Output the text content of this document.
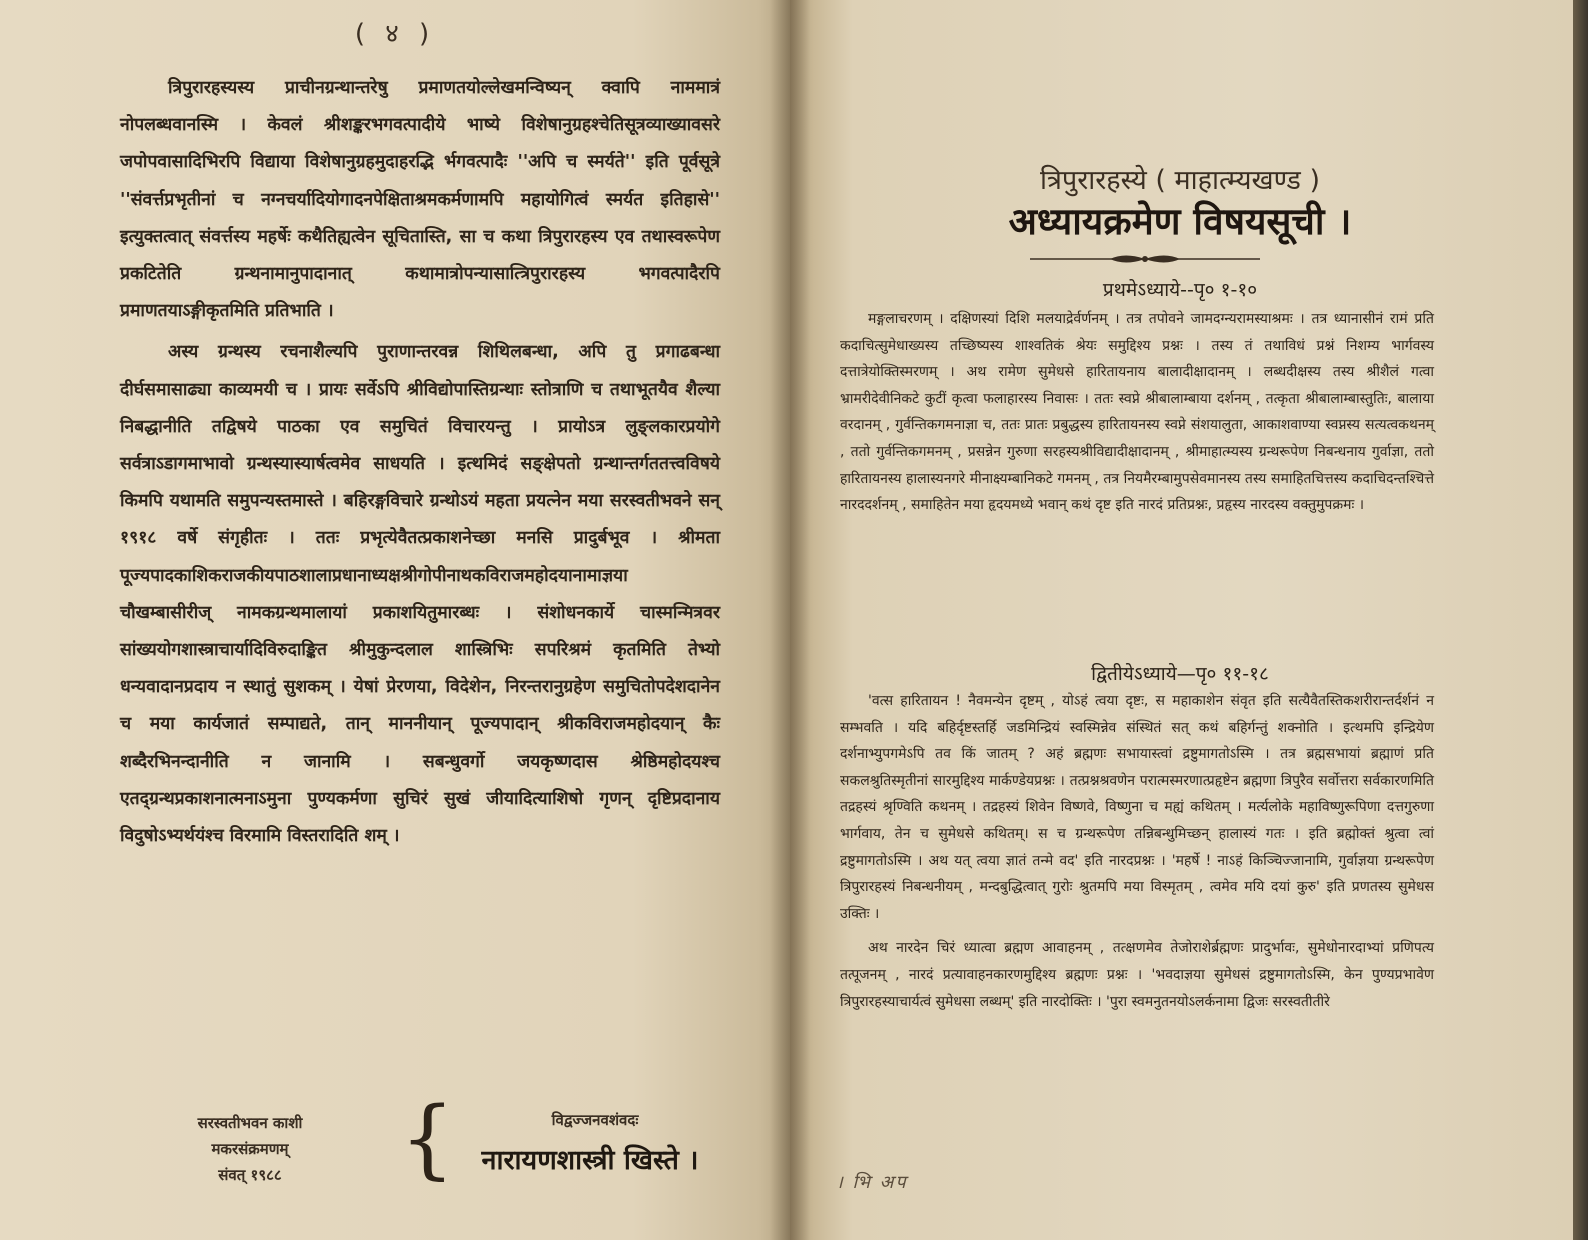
( ४ )

त्रिपुरारहस्यस्य प्राचीनग्रन्थान्तरेषु प्रमाणतयोल्लेखमन्विष्यन् क्वापि नाममात्रं नोपलब्धवानस्मि । केवलं श्रीशङ्करभगवत्पादीये भाष्ये विशेषानुग्रहश्चेतिसूत्रव्याख्यावसरे जपोपवासादिभिरपि विद्याया विशेषानुग्रहमुदाहरद्भि र्भगवत्पादैः ''अपि च स्मर्यते'' इति पूर्वसूत्रे ''संवर्त्तप्रभृतीनां च नग्नचर्यादियोगादनपेक्षिताश्रमकर्मणामपि महायोगित्वं स्मर्यत इतिहासे'' इत्युक्तत्वात् संवर्त्तस्य महर्षेः कथैतिह्यत्वेन सूचितास्ति, सा च कथा त्रिपुरारहस्य एव तथास्वरूपेण प्रकटितेति ग्रन्थनामानुपादानात् कथामात्रोपन्यासात्त्रिपुरारहस्य भगवत्पादैरपि प्रमाणतयाऽङ्गीकृतमिति प्रतिभाति ।

अस्य ग्रन्थस्य रचनाशैल्यपि पुराणान्तरवन्न शिथिलबन्धा, अपि तु प्रगाढबन्धा दीर्घसमासाढ्या काव्यमयी च । प्रायः सर्वेऽपि श्रीविद्योपास्तिग्रन्थाः स्तोत्राणि च तथाभूतयैव शैल्या निबद्धानीति तद्विषये पाठका एव समुचितं विचारयन्तु । प्रायोऽत्र लुङ्लकारप्रयोगे सर्वत्राऽडागमाभावो ग्रन्थस्यास्यार्षत्वमेव साधयति । इत्थमिदं सङ्क्षेपतो ग्रन्थान्तर्गततत्त्वविषये किमपि यथामति समुपन्यस्तमास्ते । बहिरङ्गविचारे ग्रन्थोऽयं महता प्रयत्नेन मया सरस्वतीभवने सन् १९१८ वर्षे संगृहीतः । ततः प्रभृत्येवैतत्प्रकाशनेच्छा मनसि प्रादुर्बभूव । श्रीमता पूज्यपादकाशिकराजकीयपाठशालाप्रधानाध्यक्षश्रीगोपीनाथकविराजमहोदयानामाज्ञया चौखम्बासीरीज् नामकग्रन्थमालायां प्रकाशयितुमारब्धः । संशोधनकार्ये चास्मन्मित्रवर सांख्ययोगशास्त्राचार्यादिविरुदाङ्कित श्रीमुकुन्दलाल शास्त्रिभिः सपरिश्रमं कृतमिति तेभ्यो धन्यवादानप्रदाय न स्थातुं सुशकम् । येषां प्रेरणया, विदेशेन, निरन्तरानुग्रहेण समुचितोपदेशदानेन च मया कार्यजातं सम्पाद्यते, तान् माननीयान् पूज्यपादान् श्रीकविराजमहोदयान् कैः शब्दैरभिनन्दानीति न जानामि । सबन्धुवर्गो जयकृष्णदास श्रेष्ठिमहोदयश्च एतद्ग्रन्थप्रकाशनात्मनाऽमुना पुण्यकर्मणा सुचिरं सुखं जीयादित्याशिषो गृणन् दृष्टिप्रदानाय विदुषोऽभ्यर्थयंश्च विरमामि विस्तरादिति शम् ।

सरस्वतीभवन काशी
मकरसंक्रमणम्
संवत् १९८८	{	विद्वज्जनवशंवदः
नारायणशास्त्री खिस्ते ।
त्रिपुरारहस्ये ( माहात्म्यखण्ड )
अध्यायक्रमेण विषयसूची ।
प्रथमेऽध्याये--पृ० १-१०

मङ्गलाचरणम् । दक्षिणस्यां दिशि मलयाद्रेर्वर्णनम् । तत्र तपोवने जामदग्न्यरामस्याश्रमः । तत्र ध्यानासीनं रामं प्रति कदाचित्सुमेधाख्यस्य तच्छिष्यस्य शाश्वतिकं श्रेयः समुद्दिश्य प्रश्नः । तस्य तं तथाविधं प्रश्नं निशम्य भार्गवस्य दत्तात्रेयोक्तिस्मरणम् । अथ रामेण सुमेधसे हारितायनाय बालादीक्षादानम् । लब्धदीक्षस्य तस्य श्रीशैलं गत्वा भ्रामरीदेवीनिकटे कुटीं कृत्वा फलाहारस्य निवासः । ततः स्वप्ने श्रीबालाम्बाया दर्शनम् , तत्कृता श्रीबालाम्बास्तुतिः, बालाया वरदानम् , गुर्वन्तिकगमनाज्ञा च, ततः प्रातः प्रबुद्धस्य हारितायनस्य स्वप्ने संशयालुता, आकाशवाण्या स्वप्नस्य सत्यत्वकथनम् , ततो गुर्वन्तिकगमनम् , प्रसन्नेन गुरुणा सरहस्यश्रीविद्यादीक्षादानम् , श्रीमाहात्म्यस्य ग्रन्थरूपेण निबन्धनाय गुर्वाज्ञा, ततो हारितायनस्य हालास्यनगरे मीनाक्ष्यम्बानिकटे गमनम् , तत्र नियमैरम्बामुपसेवमानस्य तस्य समाहितचित्तस्य कदाचिदन्तश्चित्ते नारददर्शनम् , समाहितेन मया हृदयमध्ये भवान् कथं दृष्ट इति नारदं प्रतिप्रश्नः, प्रहृस्य नारदस्य वक्तुमुपक्रमः ।

द्वितीयेऽध्याये—पृ० ११-१८

'वत्स हारितायन ! नैवमन्येन दृष्टम् , योऽहं त्वया दृष्टः, स महाकाशेन संवृत इति सत्यैवैतस्तिकशरीरान्तर्दर्शनं न सम्भवति । यदि बहिर्दृष्टस्तर्हि जडमिन्द्रियं स्वस्मिन्नेव संस्थितं सत् कथं बहिर्गन्तुं शक्नोति । इत्थमपि इन्द्रियेण दर्शनाभ्युपगमेऽपि तव किं जातम् ? अहं ब्रह्मणः सभायास्त्वां द्रष्टुमागतोऽस्मि । तत्र ब्रह्मसभायां ब्रह्माणं प्रति सकलश्रुतिस्मृतीनां सारमुद्दिश्य मार्कण्डेयप्रश्नः । तत्प्रश्नश्रवणेन परात्मस्मरणात्प्रहृष्टेन ब्रह्मणा त्रिपुरैव सर्वोत्तरा सर्वकारणमिति तद्रहस्यं श्रृण्विति कथनम् । तद्रहस्यं शिवेन विष्णवे, विष्णुना च मह्यं कथितम् । मर्त्यलोके महाविष्णुरूपिणा दत्तगुरुणा भार्गवाय, तेन च सुमेधसे कथितम्। स च ग्रन्थरूपेण तन्निबन्धुमिच्छन् हालास्यं गतः । इति ब्रह्मोक्तं श्रुत्वा त्वां द्रष्टुमागतोऽस्मि । अथ यत् त्वया ज्ञातं तन्मे वद' इति नारदप्रश्नः । 'महर्षे ! नाऽहं किञ्चिज्जानामि, गुर्वाज्ञया ग्रन्थरूपेण त्रिपुरारहस्यं निबन्धनीयम् , मन्दबुद्धित्वात् गुरोः श्रुतमपि मया विस्मृतम् , त्वमेव मयि दयां कुरु' इति प्रणतस्य सुमेधस उक्तिः ।

अथ नारदेन चिरं ध्यात्वा ब्रह्मण आवाहनम् , तत्क्षणमेव तेजोराशेर्ब्रह्मणः प्रादुर्भावः, सुमेधोनारदाभ्यां प्रणिपत्य तत्पूजनम् , नारदं प्रत्यावाहनकारणमुद्दिश्य ब्रह्मणः प्रश्नः । 'भवदाज्ञया सुमेधसं द्रष्टुमागतोऽस्मि, केन पुण्यप्रभावेण त्रिपुरारहस्याचार्यत्वं सुमेधसा लब्धम्' इति नारदोक्तिः । 'पुरा स्वमनुतनयोऽलर्कनामा द्विजः सरस्वतीतीरे

। भि अप
